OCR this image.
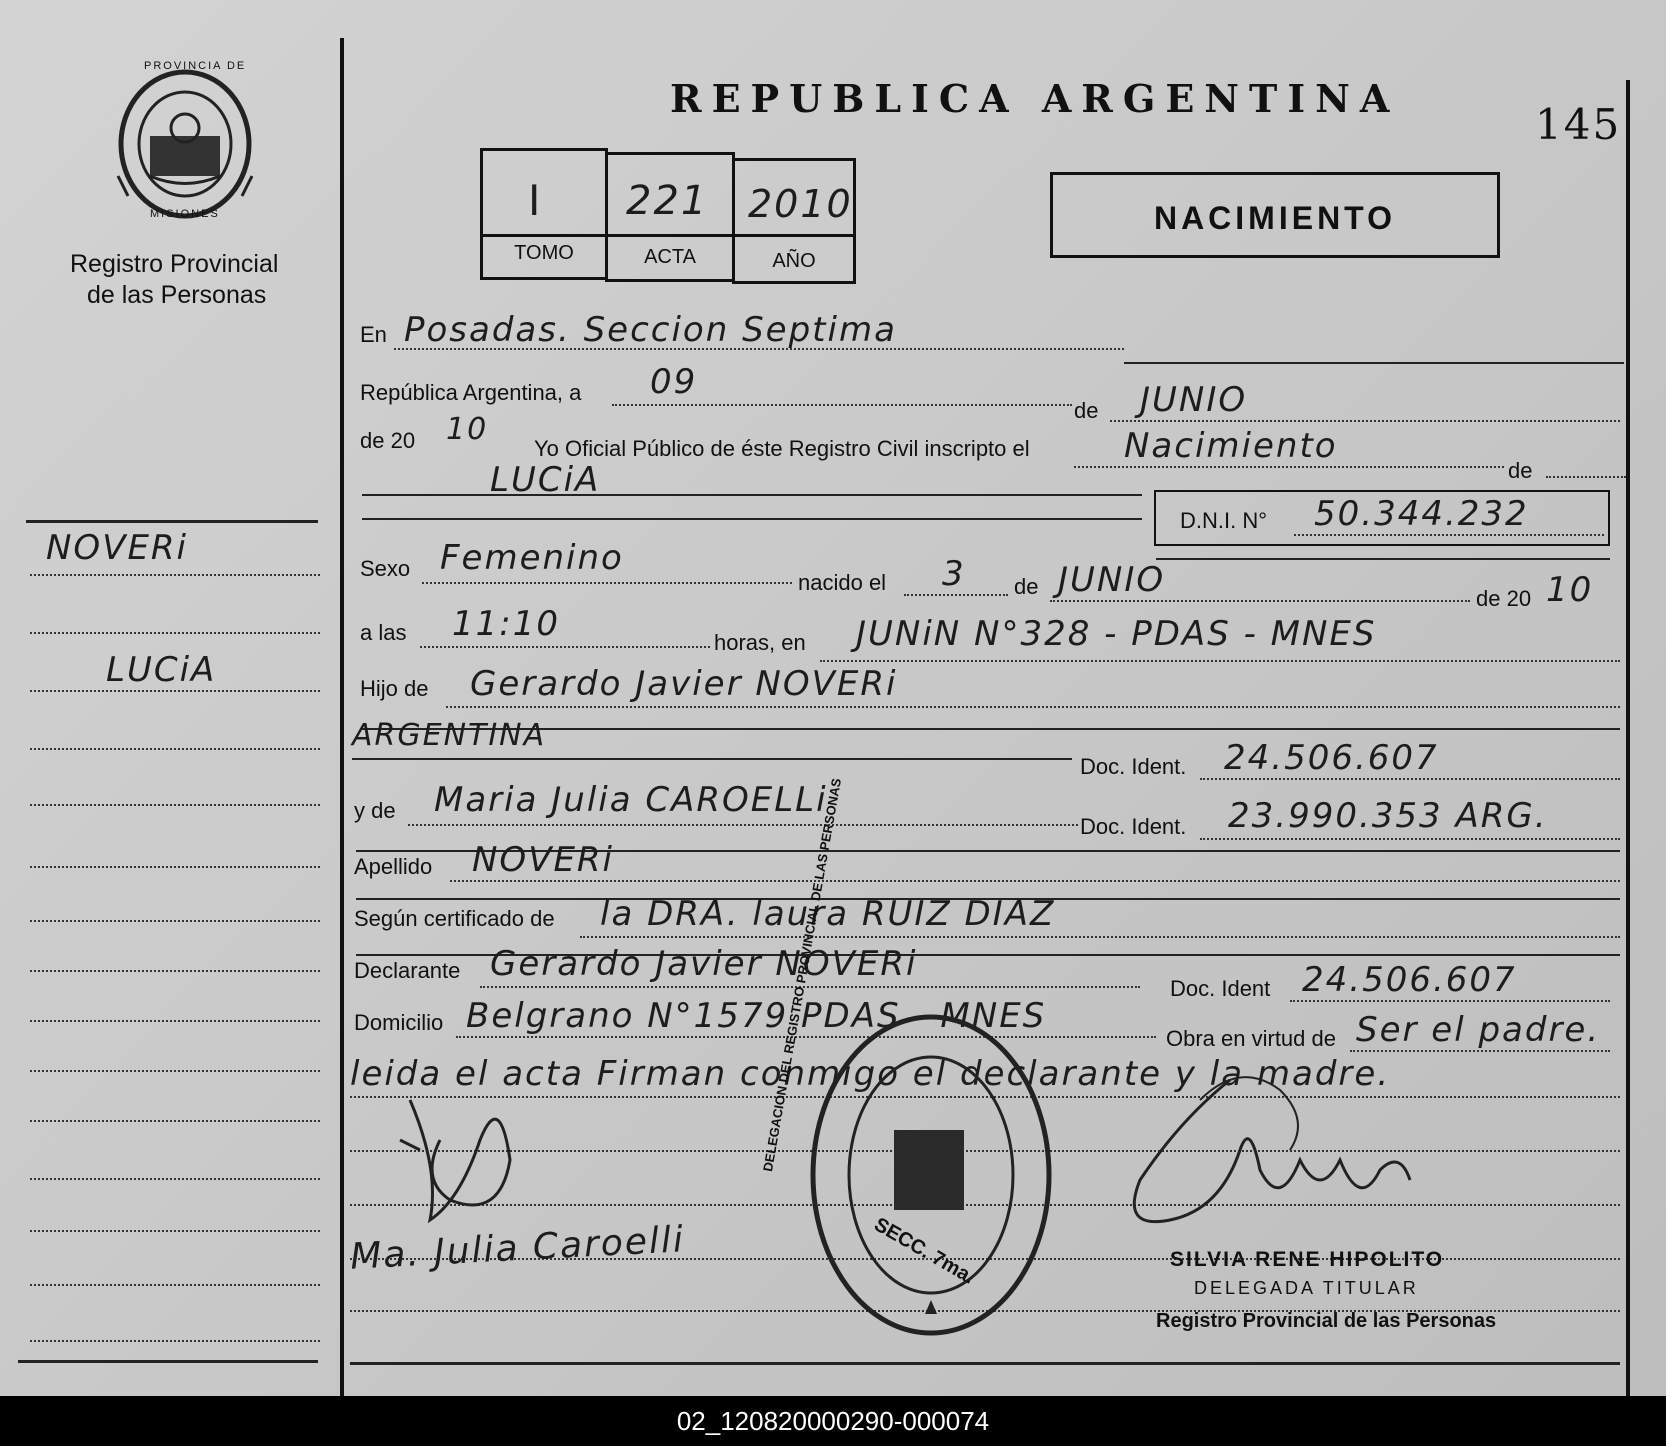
PROVINCIA DE
MISIONES
Registro Provincial
de las Personas
REPUBLICA ARGENTINA
145
I 221 2010
TOMO	ACTA	AÑO
NACIMIENTO
NOVERi
LUCiA
En Posadas. Seccion Septima
República Argentina, a 09
de JUNIO
de 20 10
Yo Oficial Público de éste Registro Civil inscripto el	Nacimiento
de
LUCiA
D.N.I. N° 50.344.232
Sexo Femenino
nacido el 3 de JUNIO	de 20 10
a las 11:10	horas, en JUNiN N°328 - PDAS - MNES
Hijo de Gerardo Javier NOVERi
ARGENTINA
Doc. Ident. 24.506.607
y de Maria Julia CAROELLi
Doc. Ident. 23.990.353 ARG.
Apellido NOVERi
Según certificado de la DRA. laura RUIZ DIAZ
Declarante Gerardo Javier NOVERi
Doc. Ident 24.506.607
Domicilio Belgrano N°1579 PDAS - MNES
Obra en virtud de Ser el padre.
leida el acta Firman conmigo el declarante y la madre.
Ma. Julia Caroelli
DELEGACION DEL REGISTRO PROVINCIAL DE LAS PERSONAS
SECC. 7ma.	SILVIA RENE HIPOLITO
DELEGADA TITULAR
Registro Provincial de las Personas
02_120820000290-000074
